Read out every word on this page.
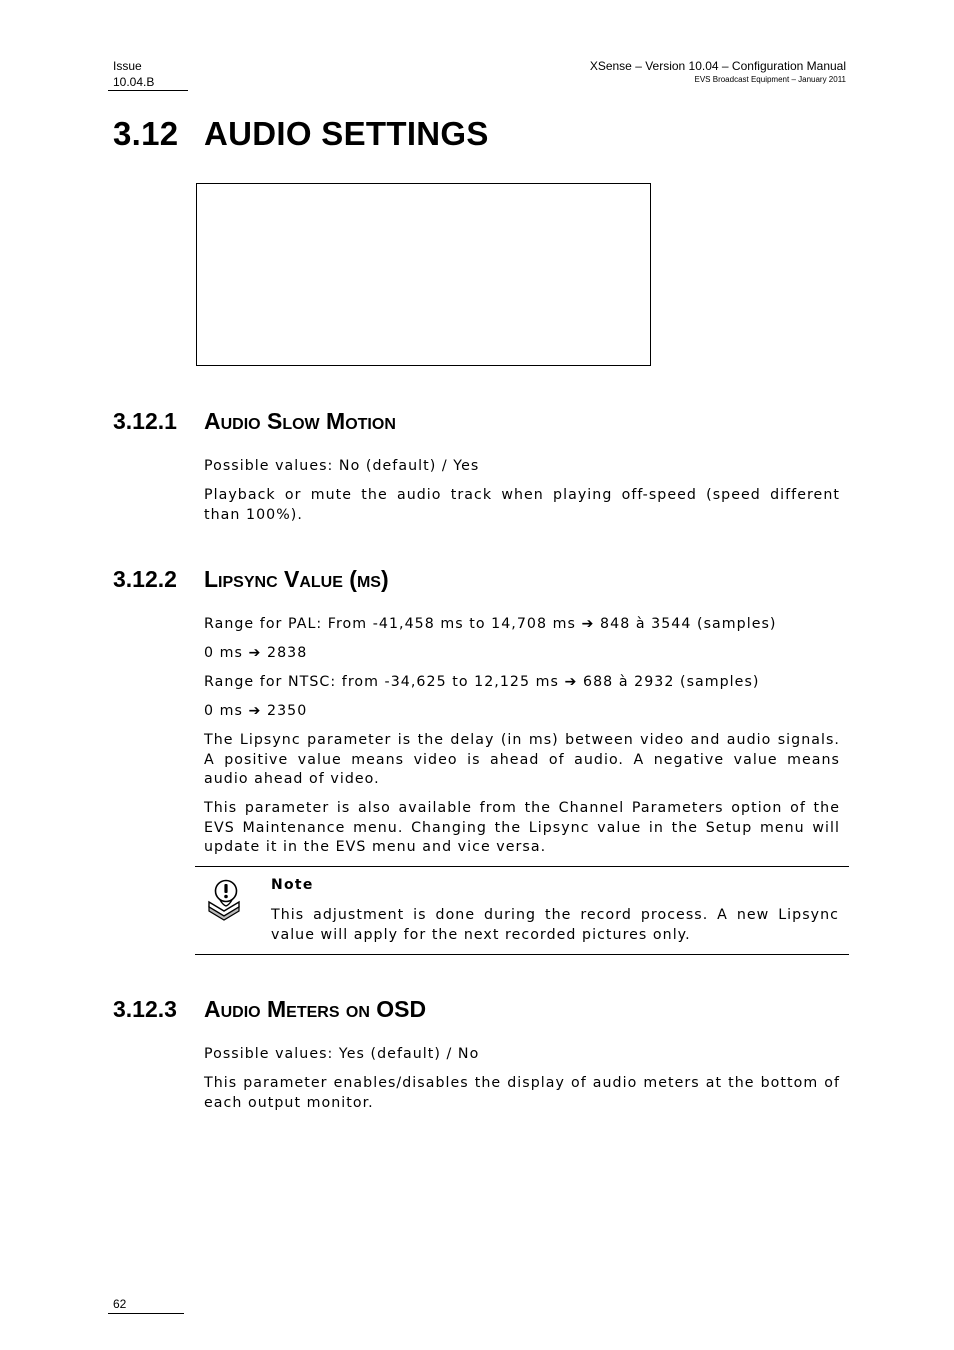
Issue
10.04.B
XSense – Version 10.04 – Configuration Manual
EVS Broadcast Equipment – January 2011
3.12 AUDIO SETTINGS
3.12.1 Audio Slow Motion
Possible values: No (default) / Yes
Playback or mute the audio track when playing off-speed (speed different than 100%).
3.12.2 Lipsync Value (ms)
Range for PAL: From -41,458 ms to 14,708 ms ➔ 848 à 3544 (samples)
0 ms ➔ 2838
Range for NTSC: from -34,625 to 12,125 ms ➔ 688 à 2932 (samples)
0 ms ➔ 2350
The Lipsync parameter is the delay (in ms) between video and audio signals. A positive value means video is ahead of audio. A negative value means audio ahead of video.
This parameter is also available from the Channel Parameters option of the EVS Maintenance menu. Changing the Lipsync value in the Setup menu will update it in the EVS menu and vice versa.
Note
This adjustment is done during the record process. A new Lipsync value will apply for the next recorded pictures only.
3.12.3 Audio Meters on OSD
Possible values: Yes (default) / No
This parameter enables/disables the display of audio meters at the bottom of each output monitor.
62
